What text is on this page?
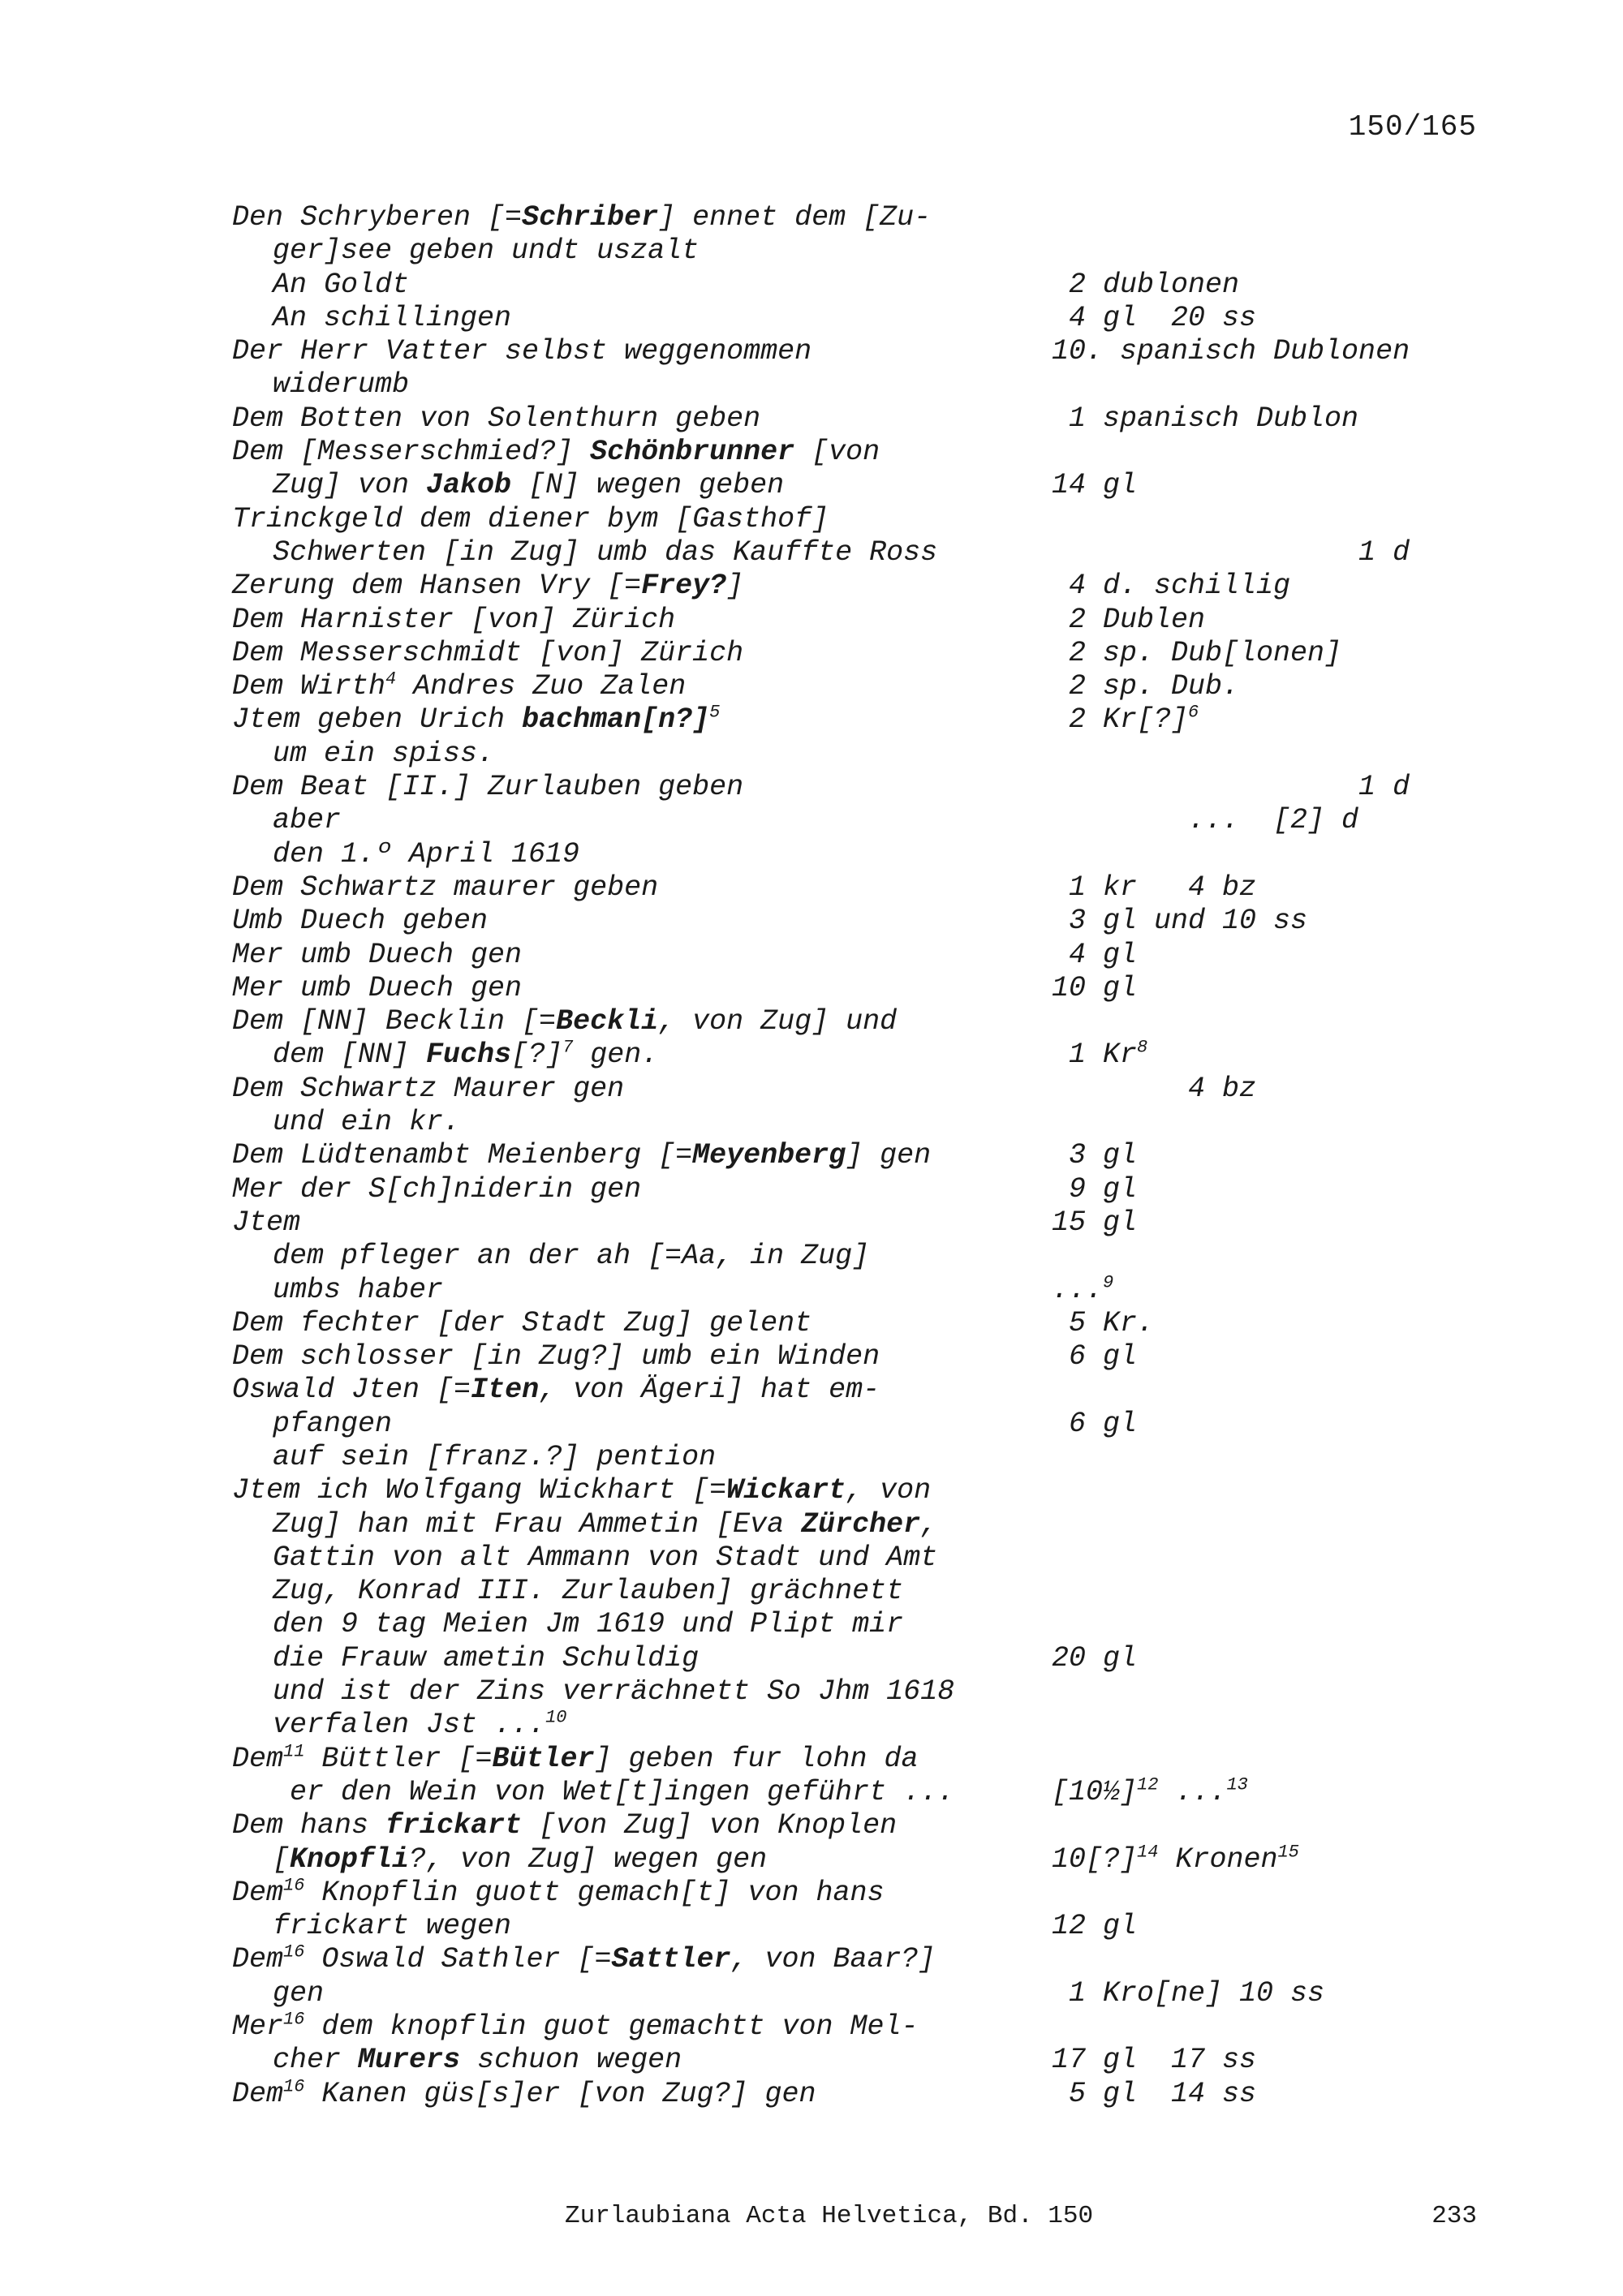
150/165
Den Schryberen [=Schriber] ennet dem [Zu-
ger]see geben undt uszalt
An Goldt	2 dublonen
An schillingen	4 gl  20 ss
Der Herr Vatter selbst weggenommen	10. spanisch Dublonen
widerumb
Dem Botten von Solenthurn geben	1 spanisch Dublon
Dem [Messerschmied?] Schönbrunner [von
Zug] von Jakob [N] wegen geben	14 gl
Trinckgeld dem diener bym [Gasthof]
Schwerten [in Zug] umb das Kauffte Ross	1 d
Zerung dem Hansen Vry [=Frey?]	4 d. schillig
Dem Harnister [von] Zürich	2 Dublen
Dem Messerschmidt [von] Zürich	2 sp. Dub[lonen]
Dem Wirth$^4$ Andres Zuo Zalen	2 sp. Dub.
Jtem geben Urich bachman[n?]$^5$	2 Kr[?]$^6$
um ein spiss.
Dem Beat [II.] Zurlauben geben	1 d
aber	...  [2] d
den 1.º April 1619
Dem Schwartz maurer geben	1 kr   4 bz
Umb Duech geben	3 gl und 10 ss
Mer umb Duech gen	4 gl
Mer umb Duech gen	10 gl
Dem [NN] Becklin [=Beckli, von Zug] und
dem [NN] Fuchs[?]$^7$ gen.	1 Kr$^8$
Dem Schwartz Maurer gen	4 bz
und ein kr.
Dem Lüdtenambt Meienberg [=Meyenberg] gen	3 gl
Mer der S[ch]niderin gen	9 gl
Jtem	15 gl
dem pfleger an der ah [=Aa, in Zug]
umbs haber	...$^9$
Dem fechter [der Stadt Zug] gelent	5 Kr.
Dem schlosser [in Zug?] umb ein Winden	6 gl
Oswald Jten [=Iten, von Ägeri] hat em-
pfangen	6 gl
auf sein [franz.?] pention
Jtem ich Wolfgang Wickhart [=Wickart, von
Zug] han mit Frau Ammetin [Eva Zürcher,
Gattin von alt Ammann von Stadt und Amt
Zug, Konrad III. Zurlauben] grächnett
den 9 tag Meien Jm 1619 und Plipt mir
die Frauw ametin Schuldig	20 gl
und ist der Zins verrächnett So Jhm 1618
verfalen Jst ...$^{10}$
Dem$^{11}$ Büttler [=Bütler] geben fur lohn da
er den Wein von Wet[t]ingen geführt ...	[10½]$^{12}$ ...$^{13}$
Dem hans frickart [von Zug] von Knoplen
[Knopfli?, von Zug] wegen gen	10[?]$^{14}$ Kronen$^{15}$
Dem$^{16}$ Knopflin guott gemach[t] von hans
frickart wegen	12 gl
Dem$^{16}$ Oswald Sathler [=Sattler, von Baar?]
gen	1 Kro[ne] 10 ss
Mer$^{16}$ dem knopflin guot gemachtt von Mel-
cher Murers schuon wegen	17 gl  17 ss
Dem$^{16}$ Kanen güs[s]er [von Zug?] gen	5 gl  14 ss
Zurlaubiana Acta Helvetica, Bd. 150	233
